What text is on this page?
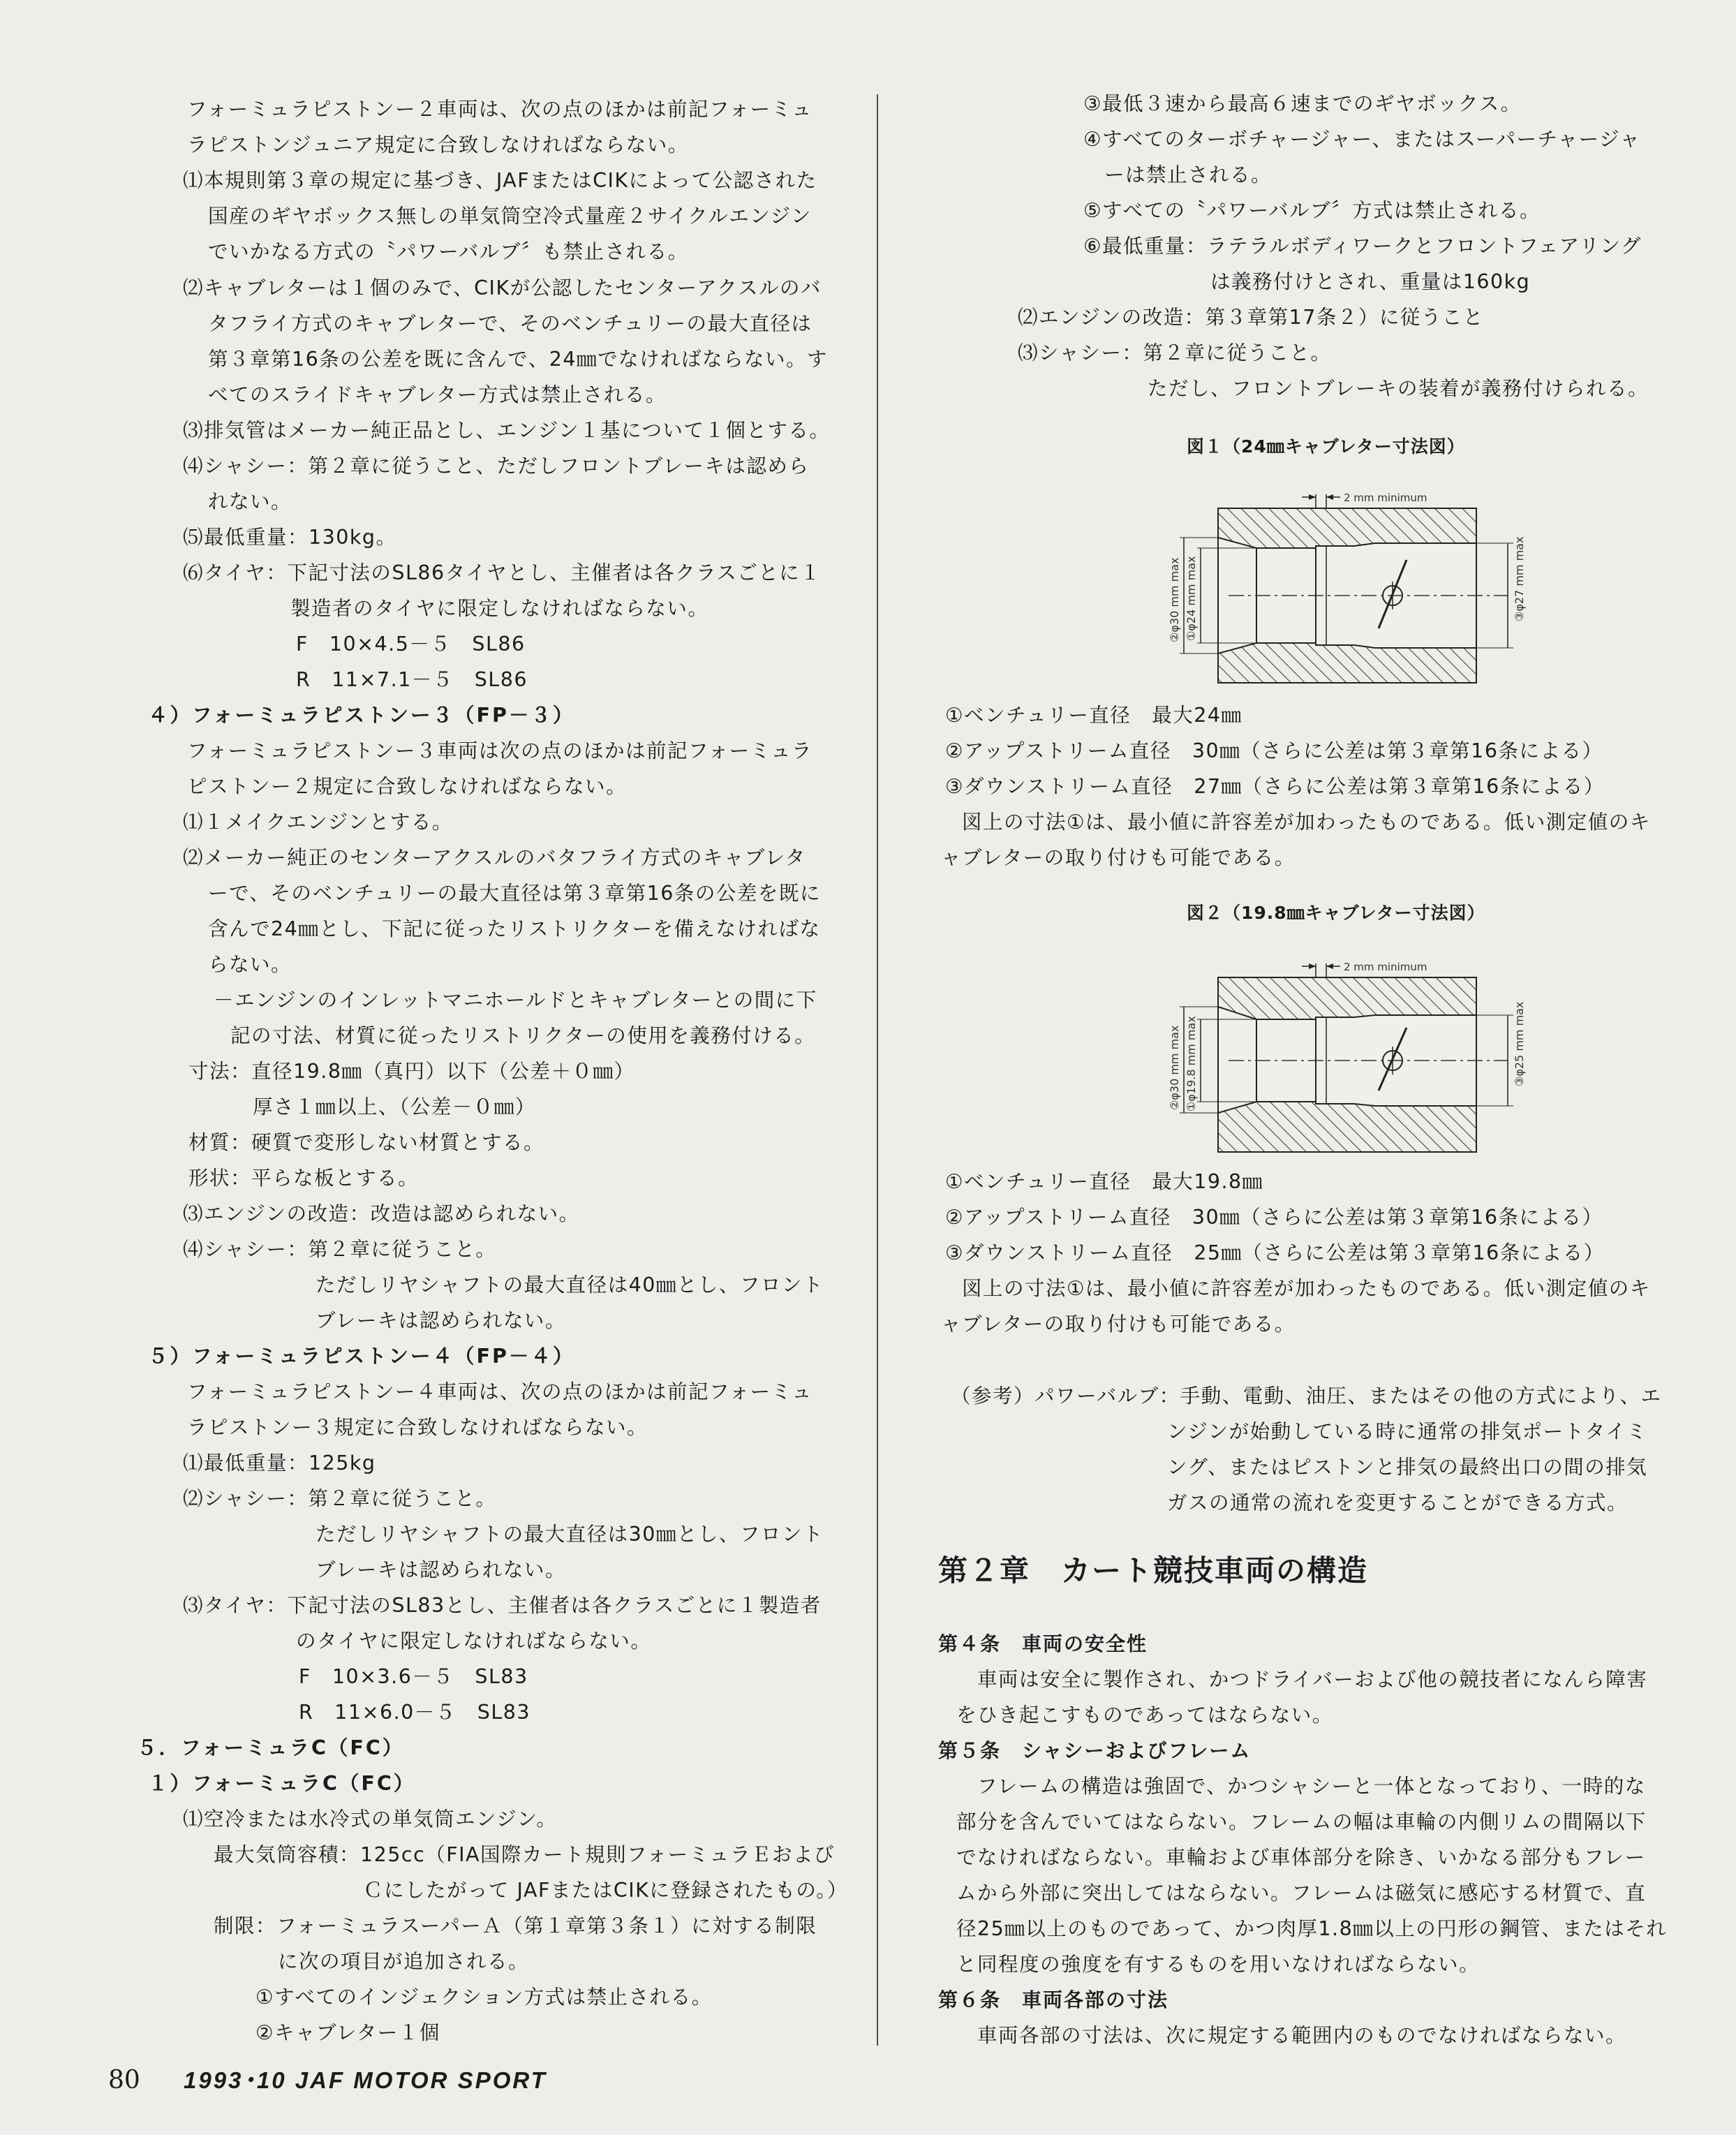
フォーミュラピストンー２車両は、次の点のほかは前記フォーミュ
ラピストンジュニア規定に合致しなければならない。
⑴本規則第３章の規定に基づき、JAFまたはCIKによって公認された
国産のギヤボックス無しの単気筒空冷式量産２サイクルエンジン
でいかなる方式の〝パワーバルブ〞も禁止される。
⑵キャブレターは１個のみで、CIKが公認したセンターアクスルのバ
タフライ方式のキャブレターで、そのベンチュリーの最大直径は
第３章第16条の公差を既に含んで、24㎜でなければならない。す
べてのスライドキャブレター方式は禁止される。
⑶排気管はメーカー純正品とし、エンジン１基について１個とする。
⑷シャシー：第２章に従うこと、ただしフロントブレーキは認めら
れない。
⑸最低重量：130kg。
⑹タイヤ：下記寸法のSL86タイヤとし、主催者は各クラスごとに１
製造者のタイヤに限定しなければならない。
F　10×4.5－５　SL86
R　11×7.1－５　SL86
４）フォーミュラピストンー３（FP－３）
フォーミュラピストンー３車両は次の点のほかは前記フォーミュラ
ピストンー２規定に合致しなければならない。
⑴１メイクエンジンとする。
⑵メーカー純正のセンターアクスルのバタフライ方式のキャブレタ
ーで、そのベンチュリーの最大直径は第３章第16条の公差を既に
含んで24㎜とし、下記に従ったリストリクターを備えなければな
らない。
－エンジンのインレットマニホールドとキャブレターとの間に下
記の寸法、材質に従ったリストリクターの使用を義務付ける。
寸法：直径19.8㎜（真円）以下（公差＋０㎜）
厚さ１㎜以上、（公差－０㎜）
材質：硬質で変形しない材質とする。
形状：平らな板とする。
⑶エンジンの改造：改造は認められない。
⑷シャシー：第２章に従うこと。
ただしリヤシャフトの最大直径は40㎜とし、フロント
ブレーキは認められない。
５）フォーミュラピストンー４（FP－４）
フォーミュラピストンー４車両は、次の点のほかは前記フォーミュ
ラピストンー３規定に合致しなければならない。
⑴最低重量：125kg
⑵シャシー：第２章に従うこと。
ただしリヤシャフトの最大直径は30㎜とし、フロント
ブレーキは認められない。
⑶タイヤ：下記寸法のSL83とし、主催者は各クラスごとに１製造者
のタイヤに限定しなければならない。
F　10×3.6－５　SL83
R　11×6.0－５　SL83
５．フォーミュラC（FC）
１）フォーミュラC（FC）
⑴空冷または水冷式の単気筒エンジン。
最大気筒容積：125cc（FIA国際カート規則フォーミュラＥおよび
Ｃにしたがって JAFまたはCIKに登録されたもの。）
制限：フォーミュラスーパーＡ（第１章第３条１）に対する制限
に次の項目が追加される。
①すべてのインジェクション方式は禁止される。
②キャブレター１個
③最低３速から最高６速までのギヤボックス。
④すべてのターボチャージャー、またはスーパーチャージャ
ーは禁止される。
⑤すべての〝パワーバルブ〞方式は禁止される。
⑥最低重量：ラテラルボディワークとフロントフェアリング
は義務付けとされ、重量は160kg
⑵エンジンの改造：第３章第17条２）に従うこと
⑶シャシー：第２章に従うこと。
ただし、フロントブレーキの装着が義務付けられる。
図１（24㎜キャブレター寸法図）
①ベンチュリー直径　最大24㎜
②アップストリーム直径　30㎜（さらに公差は第３章第16条による）
③ダウンストリーム直径　27㎜（さらに公差は第３章第16条による）
図上の寸法①は、最小値に許容差が加わったものである。低い測定値のキ
ャブレターの取り付けも可能である。
図２（19.8㎜キャブレター寸法図）
①ベンチュリー直径　最大19.8㎜
②アップストリーム直径　30㎜（さらに公差は第３章第16条による）
③ダウンストリーム直径　25㎜（さらに公差は第３章第16条による）
図上の寸法①は、最小値に許容差が加わったものである。低い測定値のキ
ャブレターの取り付けも可能である。
（参考）パワーバルブ：手動、電動、油圧、またはその他の方式により、エ
ンジンが始動している時に通常の排気ポートタイミ
ング、またはピストンと排気の最終出口の間の排気
ガスの通常の流れを変更することができる方式。
第２章　カート競技車両の構造
第４条　車両の安全性
車両は安全に製作され、かつドライバーおよび他の競技者になんら障害
をひき起こすものであってはならない。
第５条　シャシーおよびフレーム
フレームの構造は強固で、かつシャシーと一体となっており、一時的な
部分を含んでいてはならない。フレームの幅は車輪の内側リムの間隔以下
でなければならない。車輪および車体部分を除き、いかなる部分もフレー
ムから外部に突出してはならない。フレームは磁気に感応する材質で、直
径25㎜以上のものであって、かつ肉厚1.8㎜以上の円形の鋼管、またはそれ
と同程度の強度を有するものを用いなければならない。
第６条　車両各部の寸法
車両各部の寸法は、次に規定する範囲内のものでなければならない。
2 mm minimum
②φ30 mm max ①φ24 mm max	③φ27 mm max
2 mm minimum
②φ30 mm max ①φ19.8 mm max	③φ25 mm max
80 1993･10 JAF MOTOR SPORT
